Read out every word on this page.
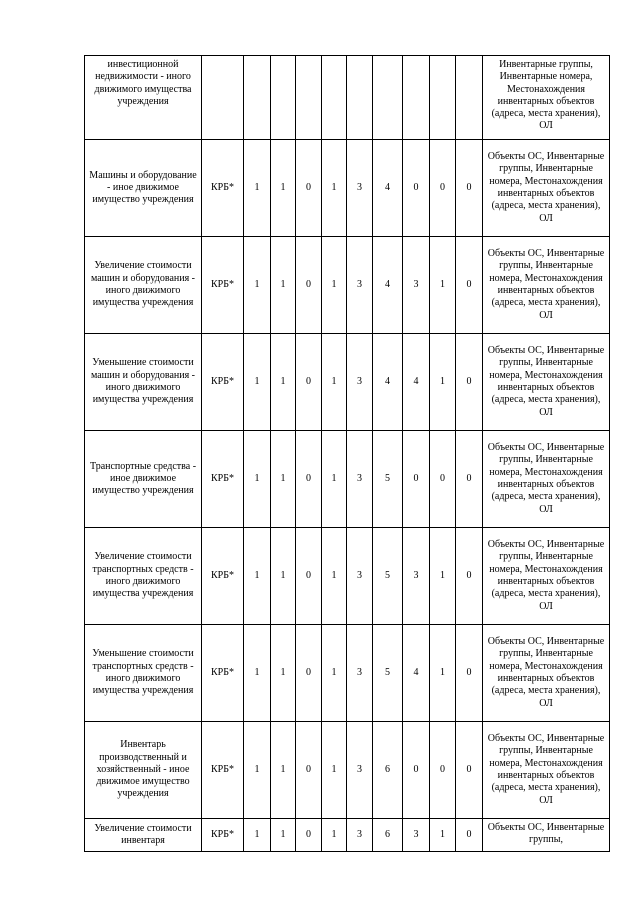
инвестиционной недвижимости - иного движимого имущества учреждения											Инвентарные группы, Инвентарные номера, Местонахождения инвентарных объектов (адреса, места хранения), ОЛ
Машины и оборудование - иное движимое имущество учреждения	КРБ*	1	1	0	1	3	4	0	0	0	Объекты ОС, Инвентарные группы, Инвентарные номера, Местонахождения инвентарных объектов (адреса, места хранения), ОЛ
Увеличение стоимости машин и оборудования - иного движимого имущества учреждения	КРБ*	1	1	0	1	3	4	3	1	0	Объекты ОС, Инвентарные группы, Инвентарные номера, Местонахождения инвентарных объектов (адреса, места хранения), ОЛ
Уменьшение стоимости машин и оборудования - иного движимого имущества учреждения	КРБ*	1	1	0	1	3	4	4	1	0	Объекты ОС, Инвентарные группы, Инвентарные номера, Местонахождения инвентарных объектов (адреса, места хранения), ОЛ
Транспортные средства - иное движимое имущество учреждения	КРБ*	1	1	0	1	3	5	0	0	0	Объекты ОС, Инвентарные группы, Инвентарные номера, Местонахождения инвентарных объектов (адреса, места хранения), ОЛ
Увеличение стоимости транспортных средств - иного движимого имущества учреждения	КРБ*	1	1	0	1	3	5	3	1	0	Объекты ОС, Инвентарные группы, Инвентарные номера, Местонахождения инвентарных объектов (адреса, места хранения), ОЛ
Уменьшение стоимости транспортных средств - иного движимого имущества учреждения	КРБ*	1	1	0	1	3	5	4	1	0	Объекты ОС, Инвентарные группы, Инвентарные номера, Местонахождения инвентарных объектов (адреса, места хранения), ОЛ
Инвентарь производственный и хозяйственный - иное движимое имущество учреждения	КРБ*	1	1	0	1	3	6	0	0	0	Объекты ОС, Инвентарные группы, Инвентарные номера, Местонахождения инвентарных объектов (адреса, места хранения), ОЛ
Увеличение стоимости инвентаря	КРБ*	1	1	0	1	3	6	3	1	0	Объекты ОС, Инвентарные группы,
